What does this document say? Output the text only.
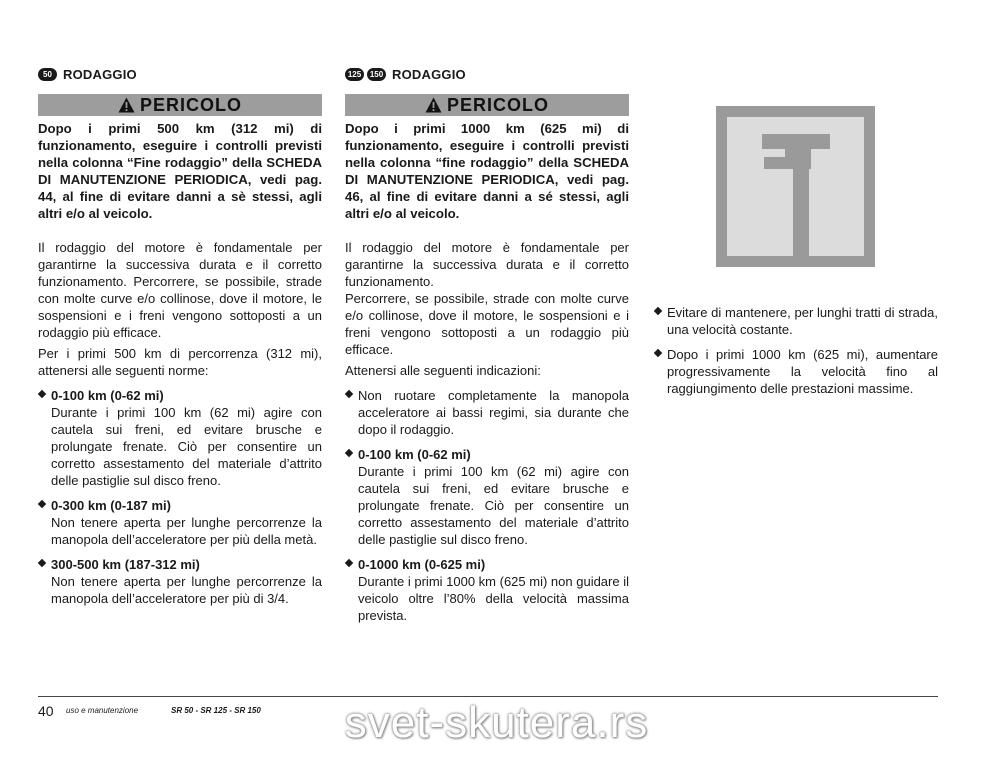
50 RODAGGIO
PERICOLO

Dopo i primi 500 km (312 mi) di funzionamento, eseguire i controlli previsti nella colonna “Fine rodaggio” della SCHEDA DI MANUTENZIONE PERIODICA, vedi pag. 44, al fine di evitare danni a sè stessi, agli altri e/o al veicolo.

Il rodaggio del motore è fondamentale per garantirne la successiva durata e il corretto funzionamento. Percorrere, se possibile, strade con molte curve e/o collinose, dove il motore, le sospensioni e i freni vengono sottoposti a un rodaggio più efficace.

Per i primi 500 km di percorrenza (312 mi), attenersi alle seguenti norme:

0-100 km (0-62 mi)
Durante i primi 100 km (62 mi) agire con cautela sui freni, ed evitare brusche e prolungate frenate. Ciò per consentire un corretto assestamento del materiale d’attrito delle pastiglie sul disco freno.
0-300 km (0-187 mi)
Non tenere aperta per lunghe percorrenze la manopola dell’acceleratore per più della metà.
300-500 km (187-312 mi)
Non tenere aperta per lunghe percorrenze la manopola dell’acceleratore per più di 3/4.
125	150 RODAGGIO
PERICOLO

Dopo i primi 1000 km (625 mi) di funzionamento, eseguire i controlli previsti nella colonna “fine rodaggio” della SCHEDA DI MANUTENZIONE PERIODICA, vedi pag. 46, al fine di evitare danni a sé stessi, agli altri e/o al veicolo.

Il rodaggio del motore è fondamentale per garantirne la successiva durata e il corretto funzionamento.

Percorrere, se possibile, strade con molte curve e/o collinose, dove il motore, le sospensioni e i freni vengono sottoposti a un rodaggio più efficace.

Attenersi alle seguenti indicazioni:

Non ruotare completamente la manopola acceleratore ai bassi regimi, sia durante che dopo il rodaggio.
0-100 km (0-62 mi)
Durante i primi 100 km (62 mi) agire con cautela sui freni, ed evitare brusche e prolungate frenate. Ciò per consentire un corretto assestamento del materiale d’attrito delle pastiglie sul disco freno.
0-1000 km (0-625 mi)
Durante i primi 1000 km (625 mi) non guidare il veicolo oltre l’80% della velocità massima prevista.
Evitare di mantenere, per lunghi tratti di strada, una velocità costante.
Dopo i primi 1000 km (625 mi), aumentare progressivamente la velocità fino al raggiungimento delle prestazioni massime.
40 uso e manutenzione	SR 50 - SR 125 - SR 150	svet-skutera.rs
